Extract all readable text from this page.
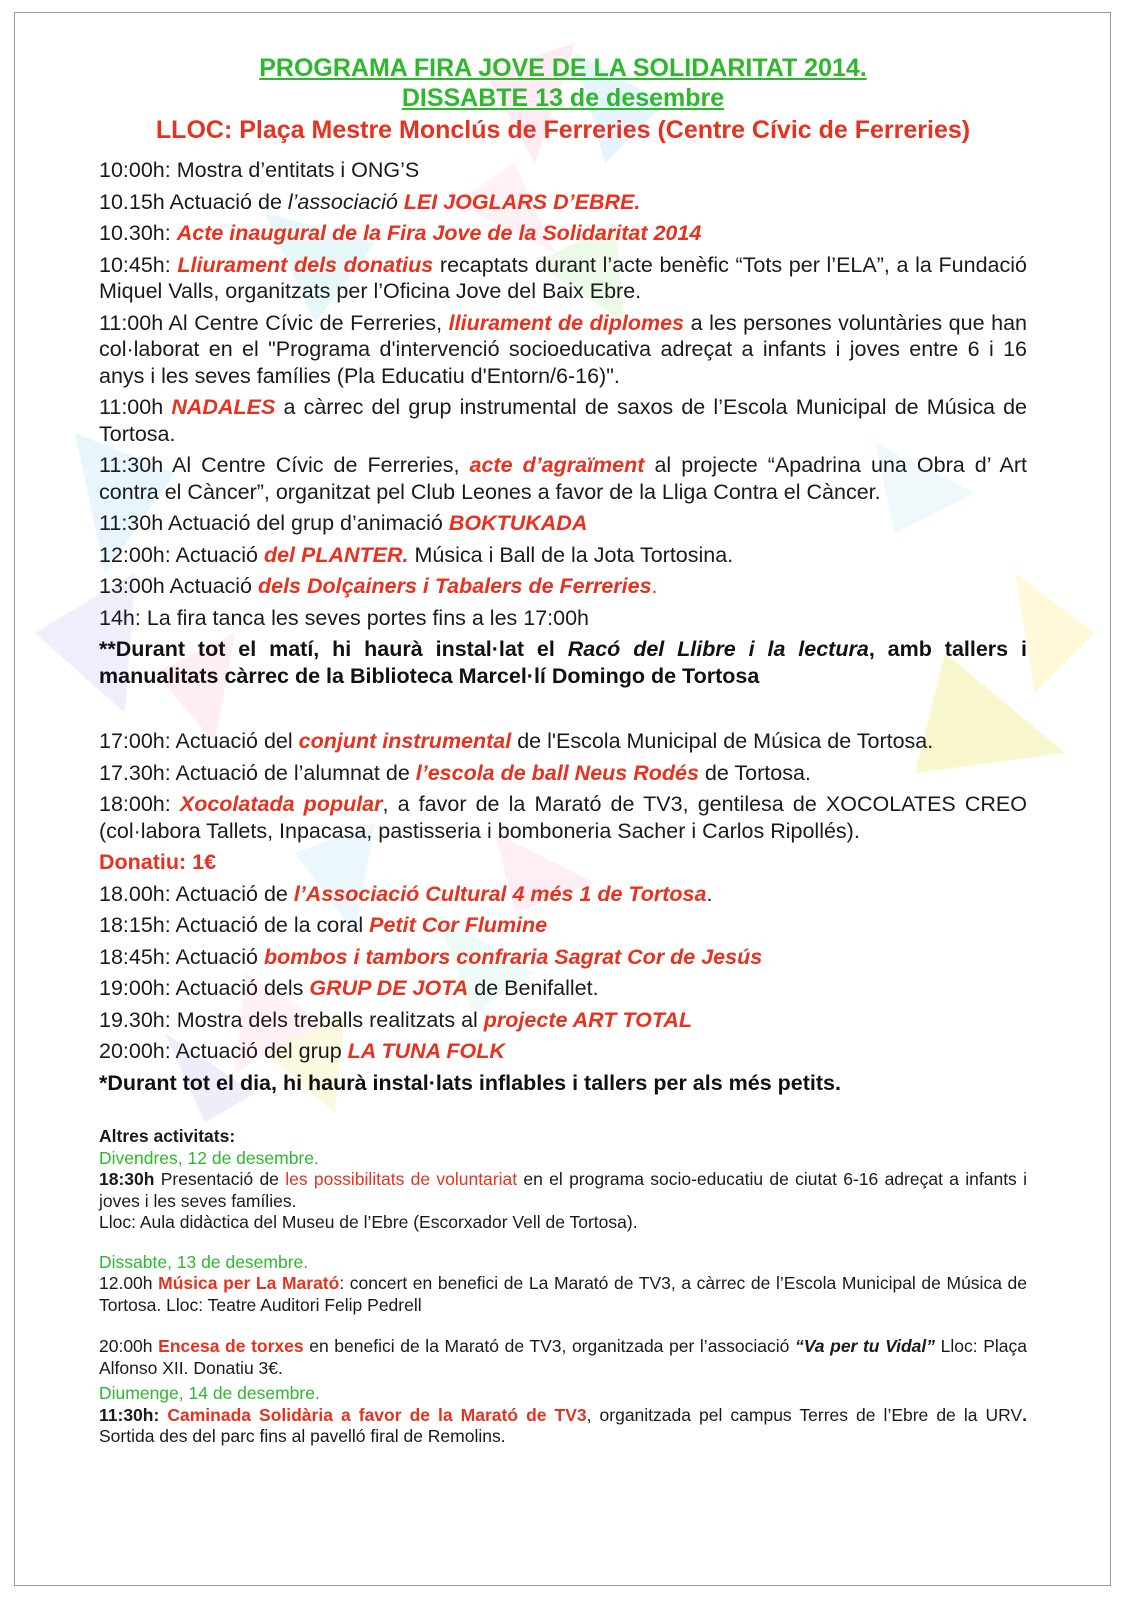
PROGRAMA FIRA JOVE DE LA SOLIDARITAT 2014.
DISSABTE 13 de desembre
LLOC: Plaça Mestre Monclús de Ferreries (Centre Cívic de Ferreries)

10:00h: Mostra d’entitats i ONG’S

10.15h Actuació de l’associació LEI JOGLARS D’EBRE.

10.30h: Acte inaugural de la Fira Jove de la Solidaritat 2014

10:45h: Lliurament dels donatius recaptats durant l’acte benèfic “Tots per l’ELA”, a la Fundació Miquel Valls, organitzats per l’Oficina Jove del Baix Ebre.

11:00h Al Centre Cívic de Ferreries, lliurament de diplomes a les persones voluntàries que han col·laborat en el "Programa d'intervenció socioeducativa adreçat a infants i joves entre 6 i 16 anys i les seves famílies (Pla Educatiu d'Entorn/6-16)".

11:00h NADALES a càrrec del grup instrumental de saxos de l’Escola Municipal de Música de Tortosa.

11:30h Al Centre Cívic de Ferreries, acte d’agraïment al projecte “Apadrina una Obra d’ Art contra el Càncer”, organitzat pel Club Leones a favor de la Lliga Contra el Càncer.

11:30h Actuació del grup d’animació BOKTUKADA

12:00h: Actuació del PLANTER. Música i Ball de la Jota Tortosina.

13:00h Actuació dels Dolçainers i Tabalers de Ferreries.

14h: La fira tanca les seves portes fins a les 17:00h

**Durant tot el matí, hi haurà instal·lat el Racó del Llibre i la lectura, amb tallers i manualitats càrrec de la Biblioteca Marcel·lí Domingo de Tortosa

17:00h: Actuació del conjunt instrumental de l'Escola Municipal de Música de Tortosa.

17.30h: Actuació de l’alumnat de l’escola de ball Neus Rodés de Tortosa.

18:00h: Xocolatada popular, a favor de la Marató de TV3, gentilesa de XOCOLATES CREO (col·labora Tallets, Inpacasa, pastisseria i bomboneria Sacher i Carlos Ripollés).

Donatiu: 1€

18.00h: Actuació de l’Associació Cultural 4 més 1 de Tortosa.

18:15h: Actuació de la coral Petit Cor Flumine

18:45h: Actuació bombos i tambors confraria Sagrat Cor de Jesús

19:00h: Actuació dels GRUP DE JOTA de Benifallet.

19.30h: Mostra dels treballs realitzats al projecte ART TOTAL

20:00h: Actuació del grup LA TUNA FOLK

*Durant tot el dia, hi haurà instal·lats inflables i tallers per als més petits.

Altres activitats:

Divendres, 12 de desembre.

18:30h Presentació de les possibilitats de voluntariat en el programa socio-educatiu de ciutat 6-16 adreçat a infants i joves i les seves famílies.

Lloc: Aula didàctica del Museu de l’Ebre (Escorxador Vell de Tortosa).

Dissabte, 13 de desembre.

12.00h Música per La Marató: concert en benefici de La Marató de TV3, a càrrec de l’Escola Municipal de Música de Tortosa. Lloc: Teatre Auditori Felip Pedrell

20:00h Encesa de torxes en benefici de la Marató de TV3, organitzada per l’associació “Va per tu Vidal” Lloc: Plaça Alfonso XII. Donatiu 3€.

Diumenge, 14 de desembre.

11:30h: Caminada Solidària a favor de la Marató de TV3, organitzada pel campus Terres de l’Ebre de la URV. Sortida des del parc fins al pavelló firal de Remolins.
